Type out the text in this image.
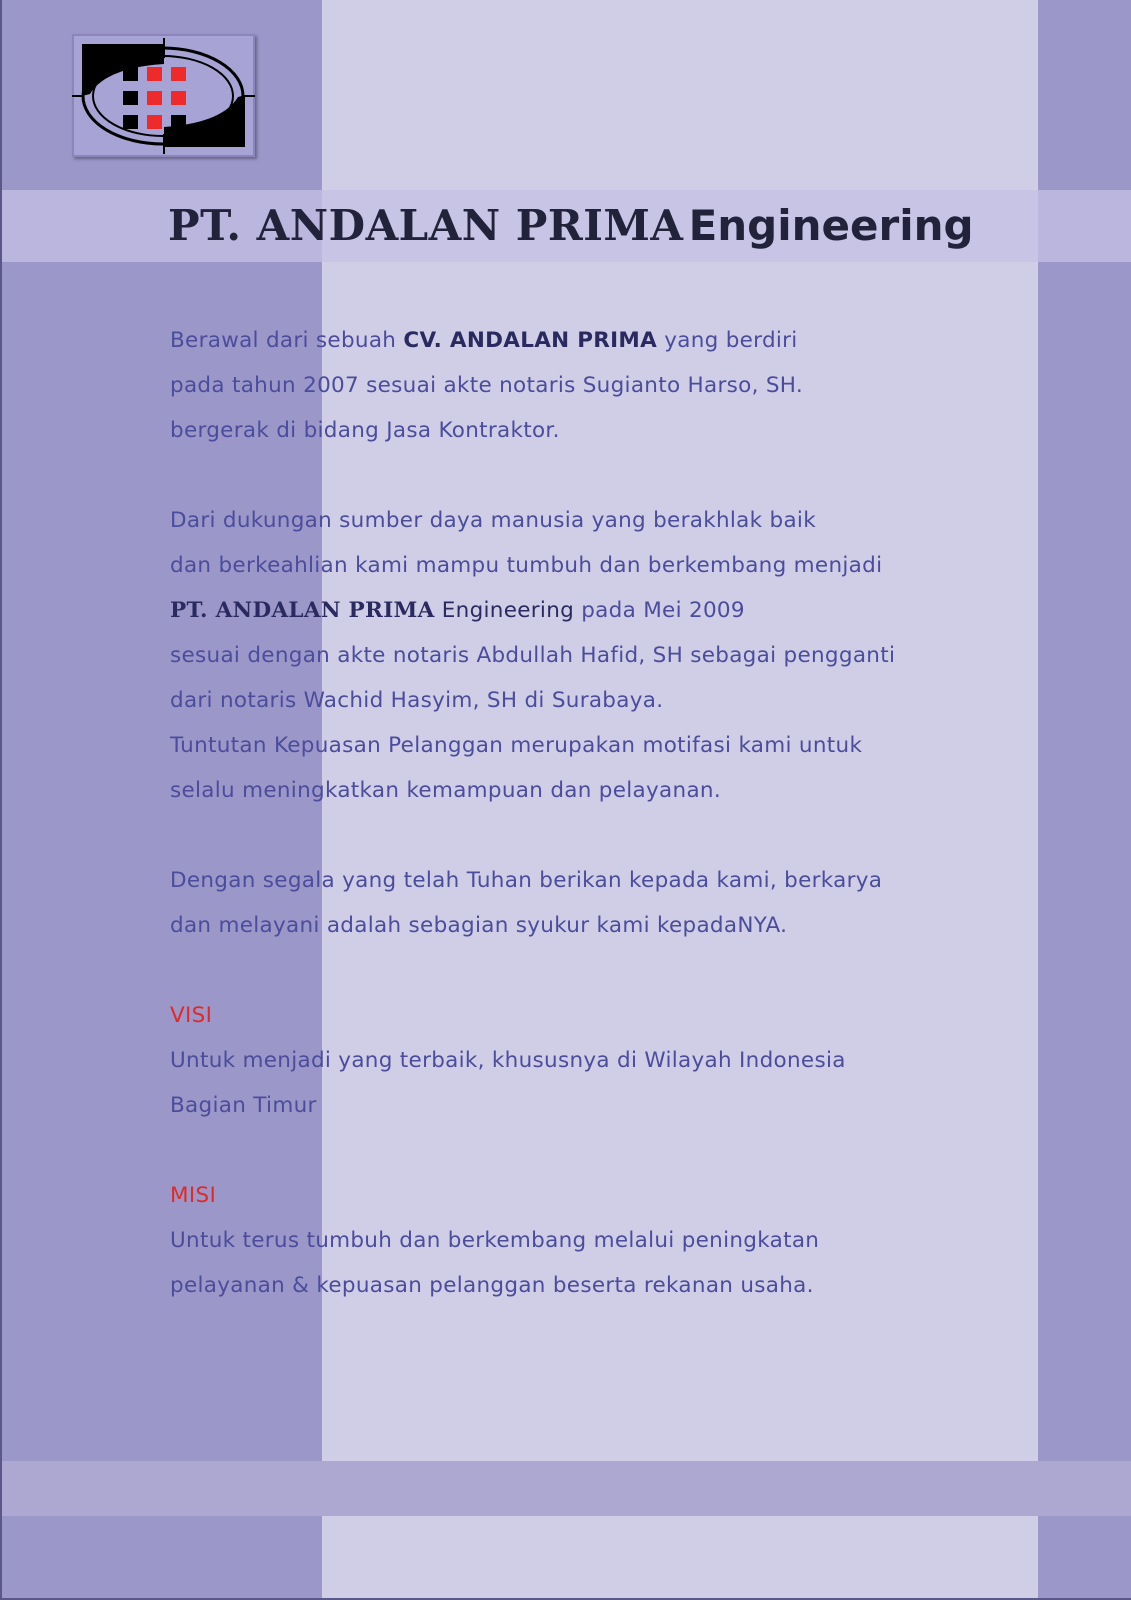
PT. ANDALAN PRIMA Engineering
Berawal dari sebuah CV. ANDALAN PRIMA yang berdiri
pada tahun 2007 sesuai akte notaris Sugianto Harso, SH.
bergerak di bidang Jasa Kontraktor.
Dari dukungan sumber daya manusia yang berakhlak baik
dan berkeahlian kami mampu tumbuh dan berkembang menjadi
PT. ANDALAN PRIMA Engineering pada Mei 2009
sesuai dengan akte notaris Abdullah Hafid, SH sebagai pengganti
dari notaris Wachid Hasyim, SH di Surabaya.
Tuntutan Kepuasan Pelanggan merupakan motifasi kami untuk
selalu meningkatkan kemampuan dan pelayanan.
Dengan segala yang telah Tuhan berikan kepada kami, berkarya
dan melayani adalah sebagian syukur kami kepadaNYA.
VISI
Untuk menjadi yang terbaik, khususnya di Wilayah Indonesia
Bagian Timur
MISI
Untuk terus tumbuh dan berkembang melalui peningkatan
pelayanan & kepuasan pelanggan beserta rekanan usaha.
